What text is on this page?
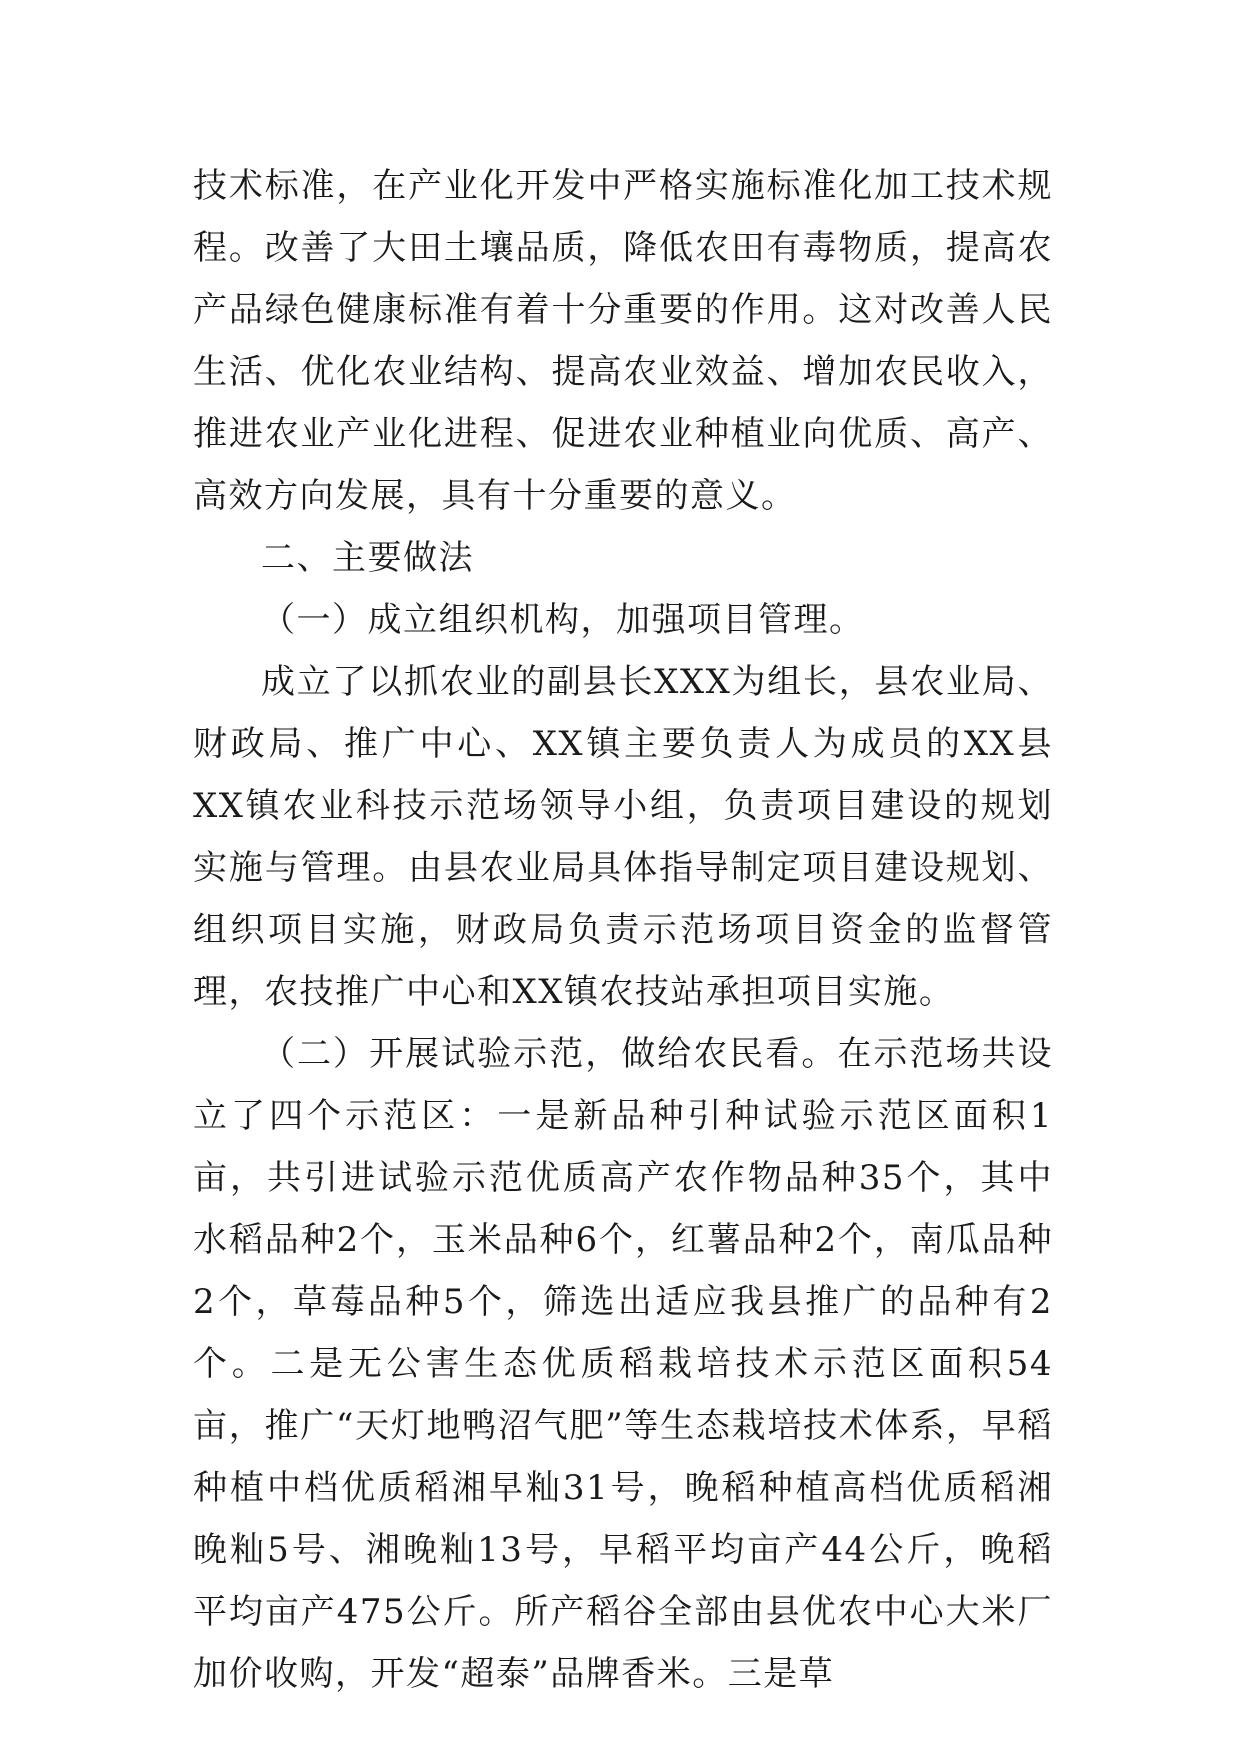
技术标准，在产业化开发中严格实施标准化加工技术规程。改善了大田土壤品质，降低农田有毒物质，提高农产品绿色健康标准有着十分重要的作用。这对改善人民生活、优化农业结构、提高农业效益、增加农民收入，推进农业产业化进程、促进农业种植业向优质、高产、高效方向发展，具有十分重要的意义。

二、主要做法

（一）成立组织机构，加强项目管理。

成立了以抓农业的副县长XXX为组长，县农业局、财政局、推广中心、XX镇主要负责人为成员的XX县XX镇农业科技示范场领导小组，负责项目建设的规划实施与管理。由县农业局具体指导制定项目建设规划、组织项目实施，财政局负责示范场项目资金的监督管理，农技推广中心和XX镇农技站承担项目实施。

（二）开展试验示范，做给农民看。在示范场共设立了四个示范区：一是新品种引种试验示范区面积1亩，共引进试验示范优质高产农作物品种35个，其中水稻品种2个，玉米品种6个，红薯品种2个，南瓜品种2个，草莓品种5个，筛选出适应我县推广的品种有2个。二是无公害生态优质稻栽培技术示范区面积54亩，推广“天灯地鸭沼气肥”等生态栽培技术体系，早稻种植中档优质稻湘早籼31号，晚稻种植高档优质稻湘晚籼5号、湘晚籼13号，早稻平均亩产44公斤，晚稻平均亩产475公斤。所产稻谷全部由县优农中心大米厂加价收购，开发“超泰”品牌香米。三是草
